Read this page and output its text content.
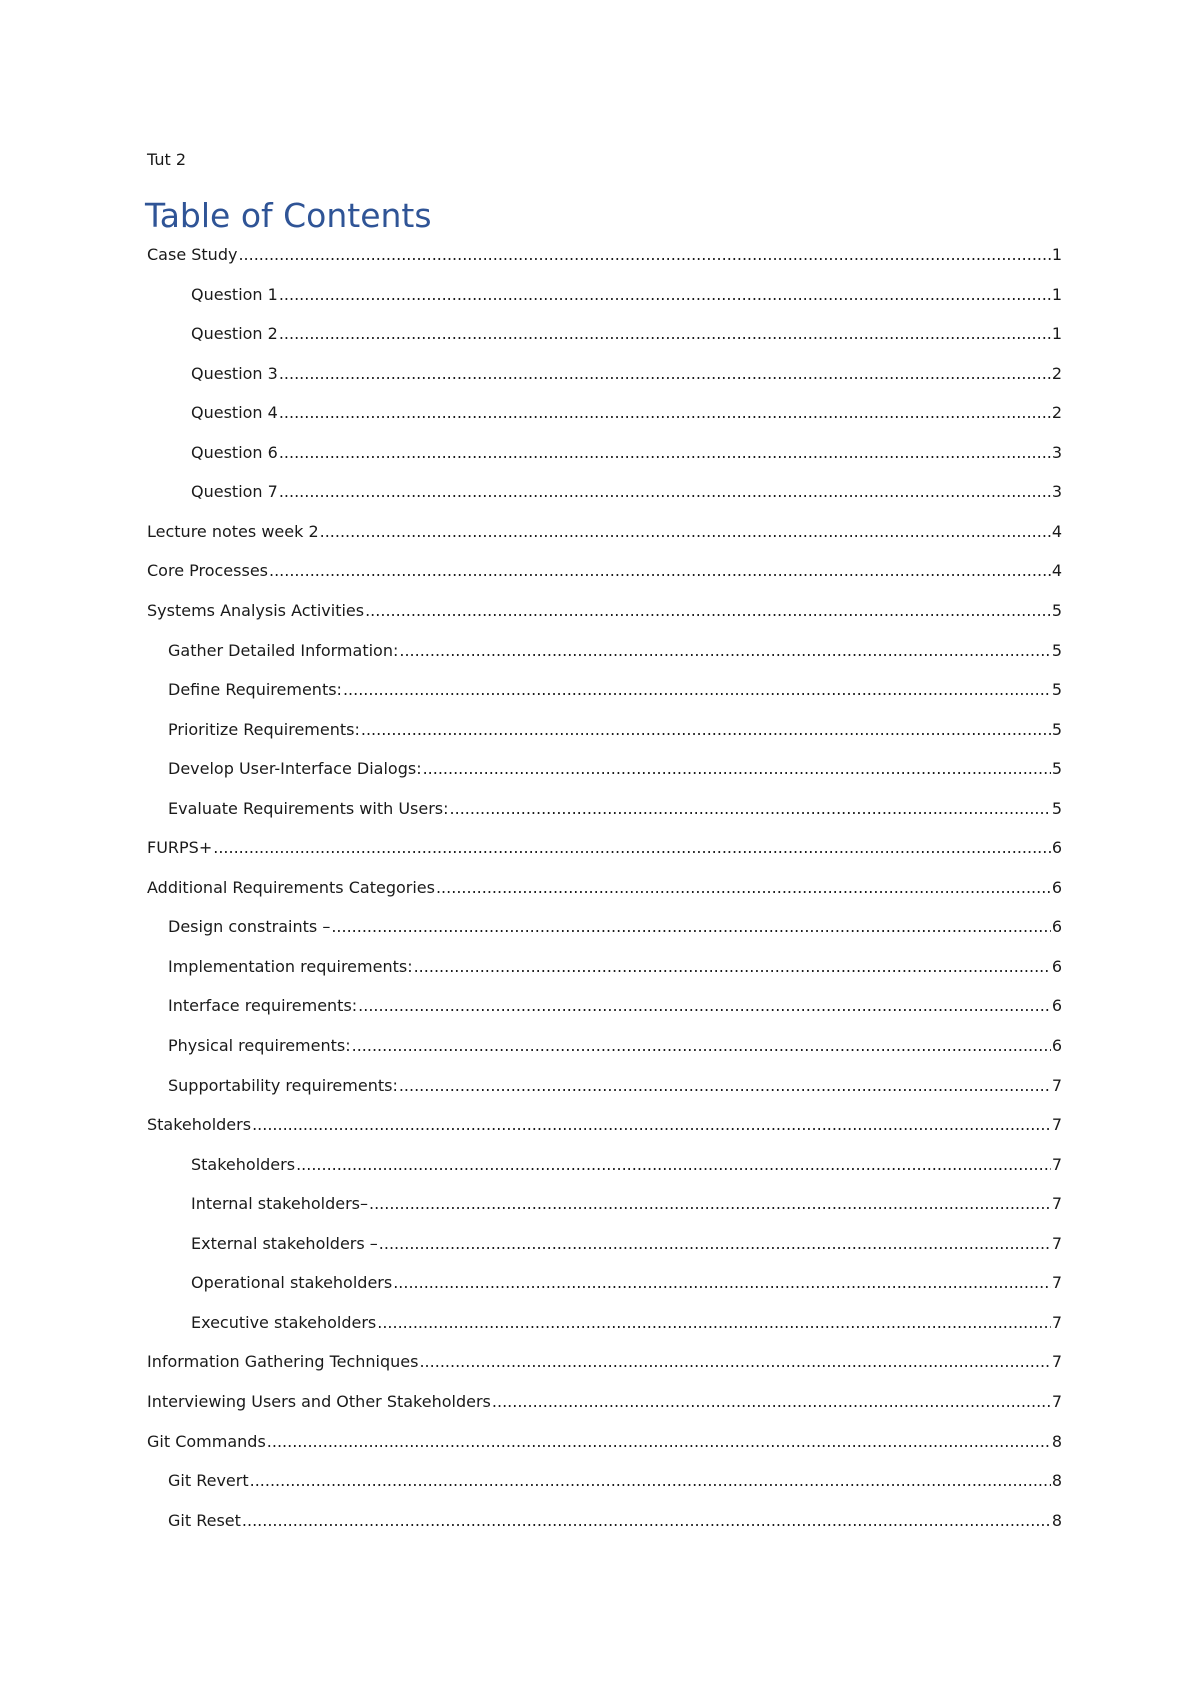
Tut 2
Table of Contents
Case Study .....	1
Question 1 .....	1
Question 2 .....	1
Question 3 .....	2
Question 4 .....	2
Question 6 .....	3
Question 7 .....	3
Lecture notes week 2 .....	4
Core Processes .....	4
Systems Analysis Activities .....	5
Gather Detailed Information: .....	5
Define Requirements: .....	5
Prioritize Requirements: .....	5
Develop User-Interface Dialogs: .....	5
Evaluate Requirements with Users: .....	5
FURPS+ .....	6
Additional Requirements Categories .....	6
Design constraints – .....	6
Implementation requirements: .....	6
Interface requirements: .....	6
Physical requirements: .....	6
Supportability requirements: .....	7
Stakeholders .....	7
Stakeholders .....	7
Internal stakeholders– .....	7
External stakeholders – .....	7
Operational stakeholders .....	7
Executive stakeholders .....	7
Information Gathering Techniques .....	7
Interviewing Users and Other Stakeholders .....	7
Git Commands .....	8
Git Revert .....	8
Git Reset .....	8
